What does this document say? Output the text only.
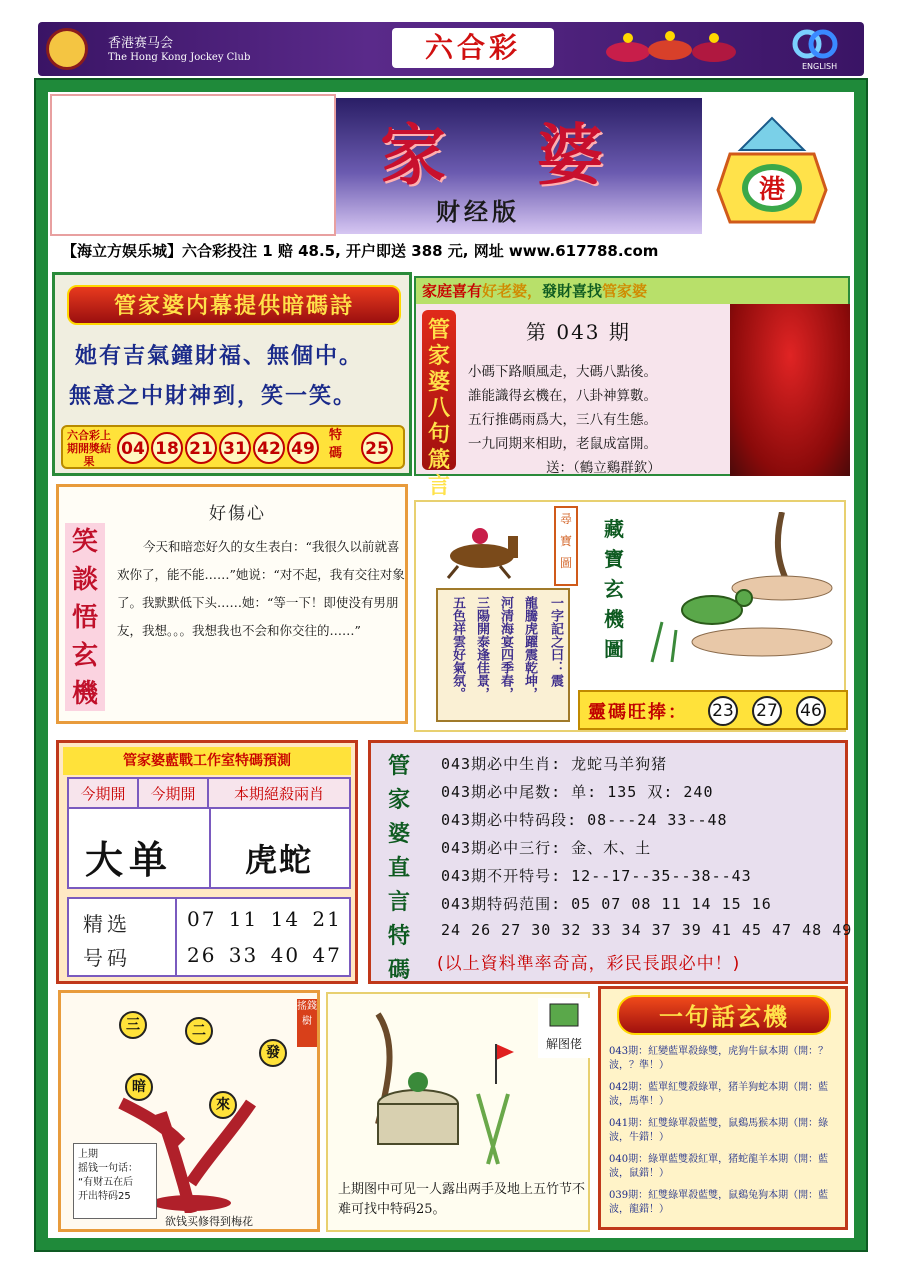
香港赛马会
The Hong Kong Jockey Club	六合彩
ENGLISH
家 婆
财经版
港
【海立方娱乐城】六合彩投注 1 赔 48.5, 开户即送 388 元, 网址 www.617788.com
管家婆内幕提供暗碼詩
她有吉氣鐘財福、無個中。
無意之中財神到，笑一笑。
六合彩上期開獎結果
04 18 21 31 42 49
特碼	25
家庭喜有好老婆，發財喜找管家婆
管家婆八句箴言
第 043 期
小碼下路順風走，大碼八點後。
誰能識得玄機在，八卦神算數。
五行推碼雨爲大，三八有生態。
一九同期来相助，老鼠成富開。
送：（鶴立鷄群欽）
笑談悟玄機
好傷心
今天和暗恋好久的女生表白：“我很久以前就喜欢你了，能不能……”她说：“对不起，我有交往对象了。我默默低下头……她：“等一下！即使没有男朋友，我想。。。我想我也不会和你交往的……”
尋寶圖
一字記之曰：震
龍騰虎躍震乾坤，
河清海宴四季春，
三陽開泰逢佳景，
五色祥雲好氣氛。
藏寶玄機圖
靈碼旺捧： 23 27 46
管家婆藍戰工作室特碼預測
今期開	今期開	本期絕殺兩肖
大单 虎蛇
精选
号码
07 11 14 21
26 33 40 47
管家婆直言特碼
043期必中生肖: 龙蛇马羊狗猪
043期必中尾数: 单: 135 双: 240
043期必中特码段: 08---24 33--48
043期必中三行: 金、木、土
043期不开特号: 12--17--35--38--43
043期特码范围: 05 07 08 11 14 15 16
24 26 27 30 32 33 34 37 39 41 45 47 48 49
(以上資料準率奇高，彩民長跟必中！)
三	二
發
暗
來
搖錢樹
上期
摇钱一句话：
“有财五在后
开出特码25
欲钱买修得到梅花
解图佬
上期图中可见一人露出两手及地上五竹节不难可找中特码25。
一句話玄機
043期：紅變藍單殺綠雙，虎狗牛鼠本期（開：？波，？準！）
042期：藍單紅雙殺綠單，猪羊狗蛇本期（開：藍波，馬準！）
041期：紅雙綠單殺藍雙，鼠鷄馬猴本期（開：綠波，牛錯！）
040期：綠單藍雙殺紅單，猪蛇龍羊本期（開：藍波，鼠錯！）
039期：紅雙綠單殺藍雙，鼠鷄兔狗本期（開：藍波，龍錯！）
